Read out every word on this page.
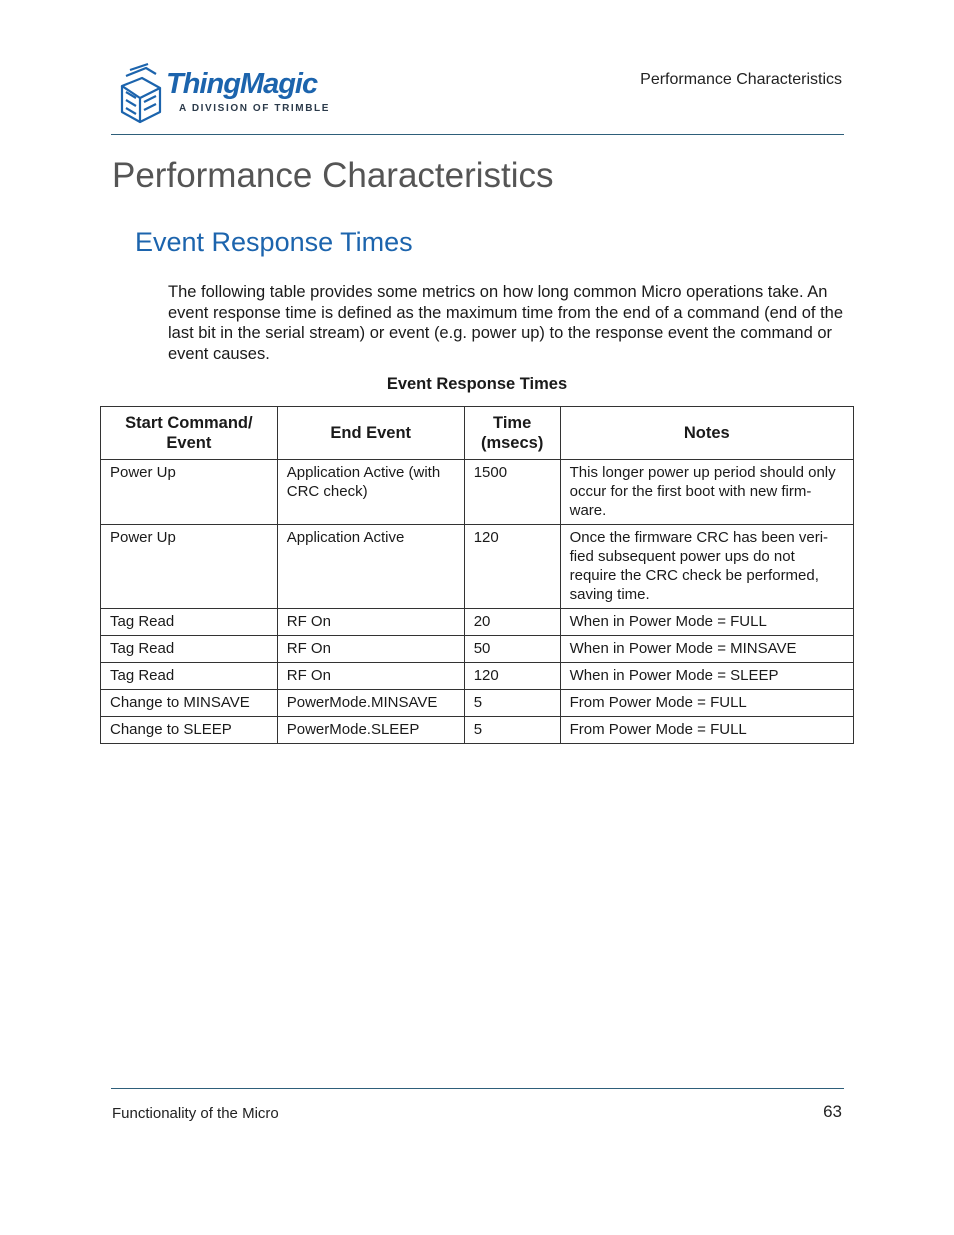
ThingMagic
A DIVISION OF TRIMBLE
Performance Characteristics
Performance Characteristics
Event Response Times

The following table provides some metrics on how long common Micro operations take. An event response time is defined as the maximum time from the end of a command (end of the last bit in the serial stream) or event (e.g. power up) to the response event the command or event causes.

Event Response Times
Start Command/ Event	End Event	Time (msecs)	Notes
Power Up	Application Active (with CRC check)	1500	This longer power up period should only occur for the first boot with new firm-ware.
Power Up	Application Active	120	Once the firmware CRC has been veri-fied subsequent power ups do not require the CRC check be performed, saving time.
Tag Read	RF On	20	When in Power Mode = FULL
Tag Read	RF On	50	When in Power Mode = MINSAVE
Tag Read	RF On	120	When in Power Mode = SLEEP
Change to MINSAVE	PowerMode.MINSAVE	5	From Power Mode = FULL
Change to SLEEP	PowerMode.SLEEP	5	From Power Mode = FULL
Functionality of the Micro	63
